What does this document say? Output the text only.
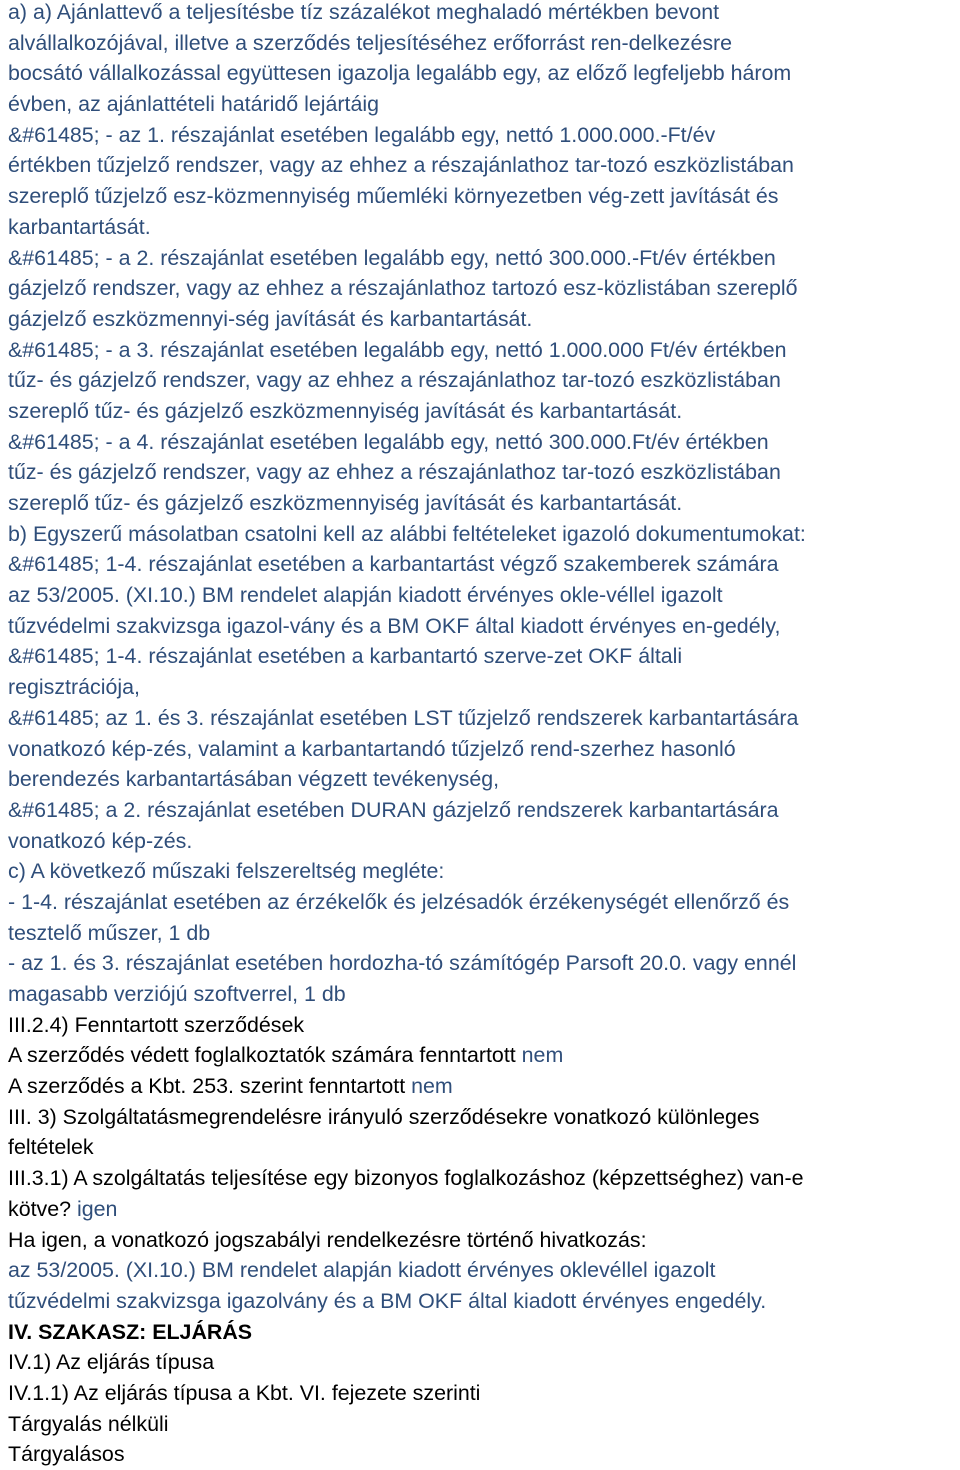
a) a) Ajánlattevő a teljesítésbe tíz százalékot meghaladó mértékben bevont
alvállalkozójával, illetve a szerződés teljesítéséhez erőforrást ren-delkezésre
bocsátó vállalkozással együttesen igazolja legalább egy, az előző legfeljebb három
évben, az ajánlattételi határidő lejártáig
&#61485; - az 1. részajánlat esetében legalább egy, nettó 1.000.000.-Ft/év
értékben tűzjelző rendszer, vagy az ehhez a részajánlathoz tar-tozó eszközlistában
szereplő tűzjelző esz-közmennyiség műemléki környezetben vég-zett javítását és
karbantartását.
&#61485; - a 2. részajánlat esetében legalább egy, nettó 300.000.-Ft/év értékben
gázjelző rendszer, vagy az ehhez a részajánlathoz tartozó esz-közlistában szereplő
gázjelző eszközmennyi-ség javítását és karbantartását.
&#61485; - a 3. részajánlat esetében legalább egy, nettó 1.000.000 Ft/év értékben
tűz- és gázjelző rendszer, vagy az ehhez a részajánlathoz tar-tozó eszközlistában
szereplő tűz- és gázjelző eszközmennyiség javítását és karbantartását.
&#61485; - a 4. részajánlat esetében legalább egy, nettó 300.000.Ft/év értékben
tűz- és gázjelző rendszer, vagy az ehhez a részajánlathoz tar-tozó eszközlistában
szereplő tűz- és gázjelző eszközmennyiség javítását és karbantartását.
b) Egyszerű másolatban csatolni kell az alábbi feltételeket igazoló dokumentumokat:
&#61485; 1-4. részajánlat esetében a karbantartást végző szakemberek számára
az 53/2005. (XI.10.) BM rendelet alapján kiadott érvényes okle-véllel igazolt
tűzvédelmi szakvizsga igazol-vány és a BM OKF által kiadott érvényes en-gedély,
&#61485; 1-4. részajánlat esetében a karbantartó szerve-zet OKF általi
regisztrációja,
&#61485; az 1. és 3. részajánlat esetében LST tűzjelző rendszerek karbantartására
vonatkozó kép-zés, valamint a karbantartandó tűzjelző rend-szerhez hasonló
berendezés karbantartásában végzett tevékenység,
&#61485; a 2. részajánlat esetében DURAN gázjelző rendszerek karbantartására
vonatkozó kép-zés.
c) A következő műszaki felszereltség megléte:
- 1-4. részajánlat esetében az érzékelők és jelzésadók érzékenységét ellenőrző és
tesztelő műszer, 1 db
- az 1. és 3. részajánlat esetében hordozha-tó számítógép Parsoft 20.0. vagy ennél
magasabb verziójú szoftverrel, 1 db
III.2.4) Fenntartott szerződések
A szerződés védett foglalkoztatók számára fenntartott nem
A szerződés a Kbt. 253. szerint fenntartott nem
III. 3) Szolgáltatásmegrendelésre irányuló szerződésekre vonatkozó különleges
feltételek
III.3.1) A szolgáltatás teljesítése egy bizonyos foglalkozáshoz (képzettséghez) van-e
kötve? igen
Ha igen, a vonatkozó jogszabályi rendelkezésre történő hivatkozás:
az 53/2005. (XI.10.) BM rendelet alapján kiadott érvényes oklevéllel igazolt
tűzvédelmi szakvizsga igazolvány és a BM OKF által kiadott érvényes engedély.
IV. SZAKASZ: ELJÁRÁS
IV.1) Az eljárás típusa
IV.1.1) Az eljárás típusa a Kbt. VI. fejezete szerinti
Tárgyalás nélküli
Tárgyalásos
